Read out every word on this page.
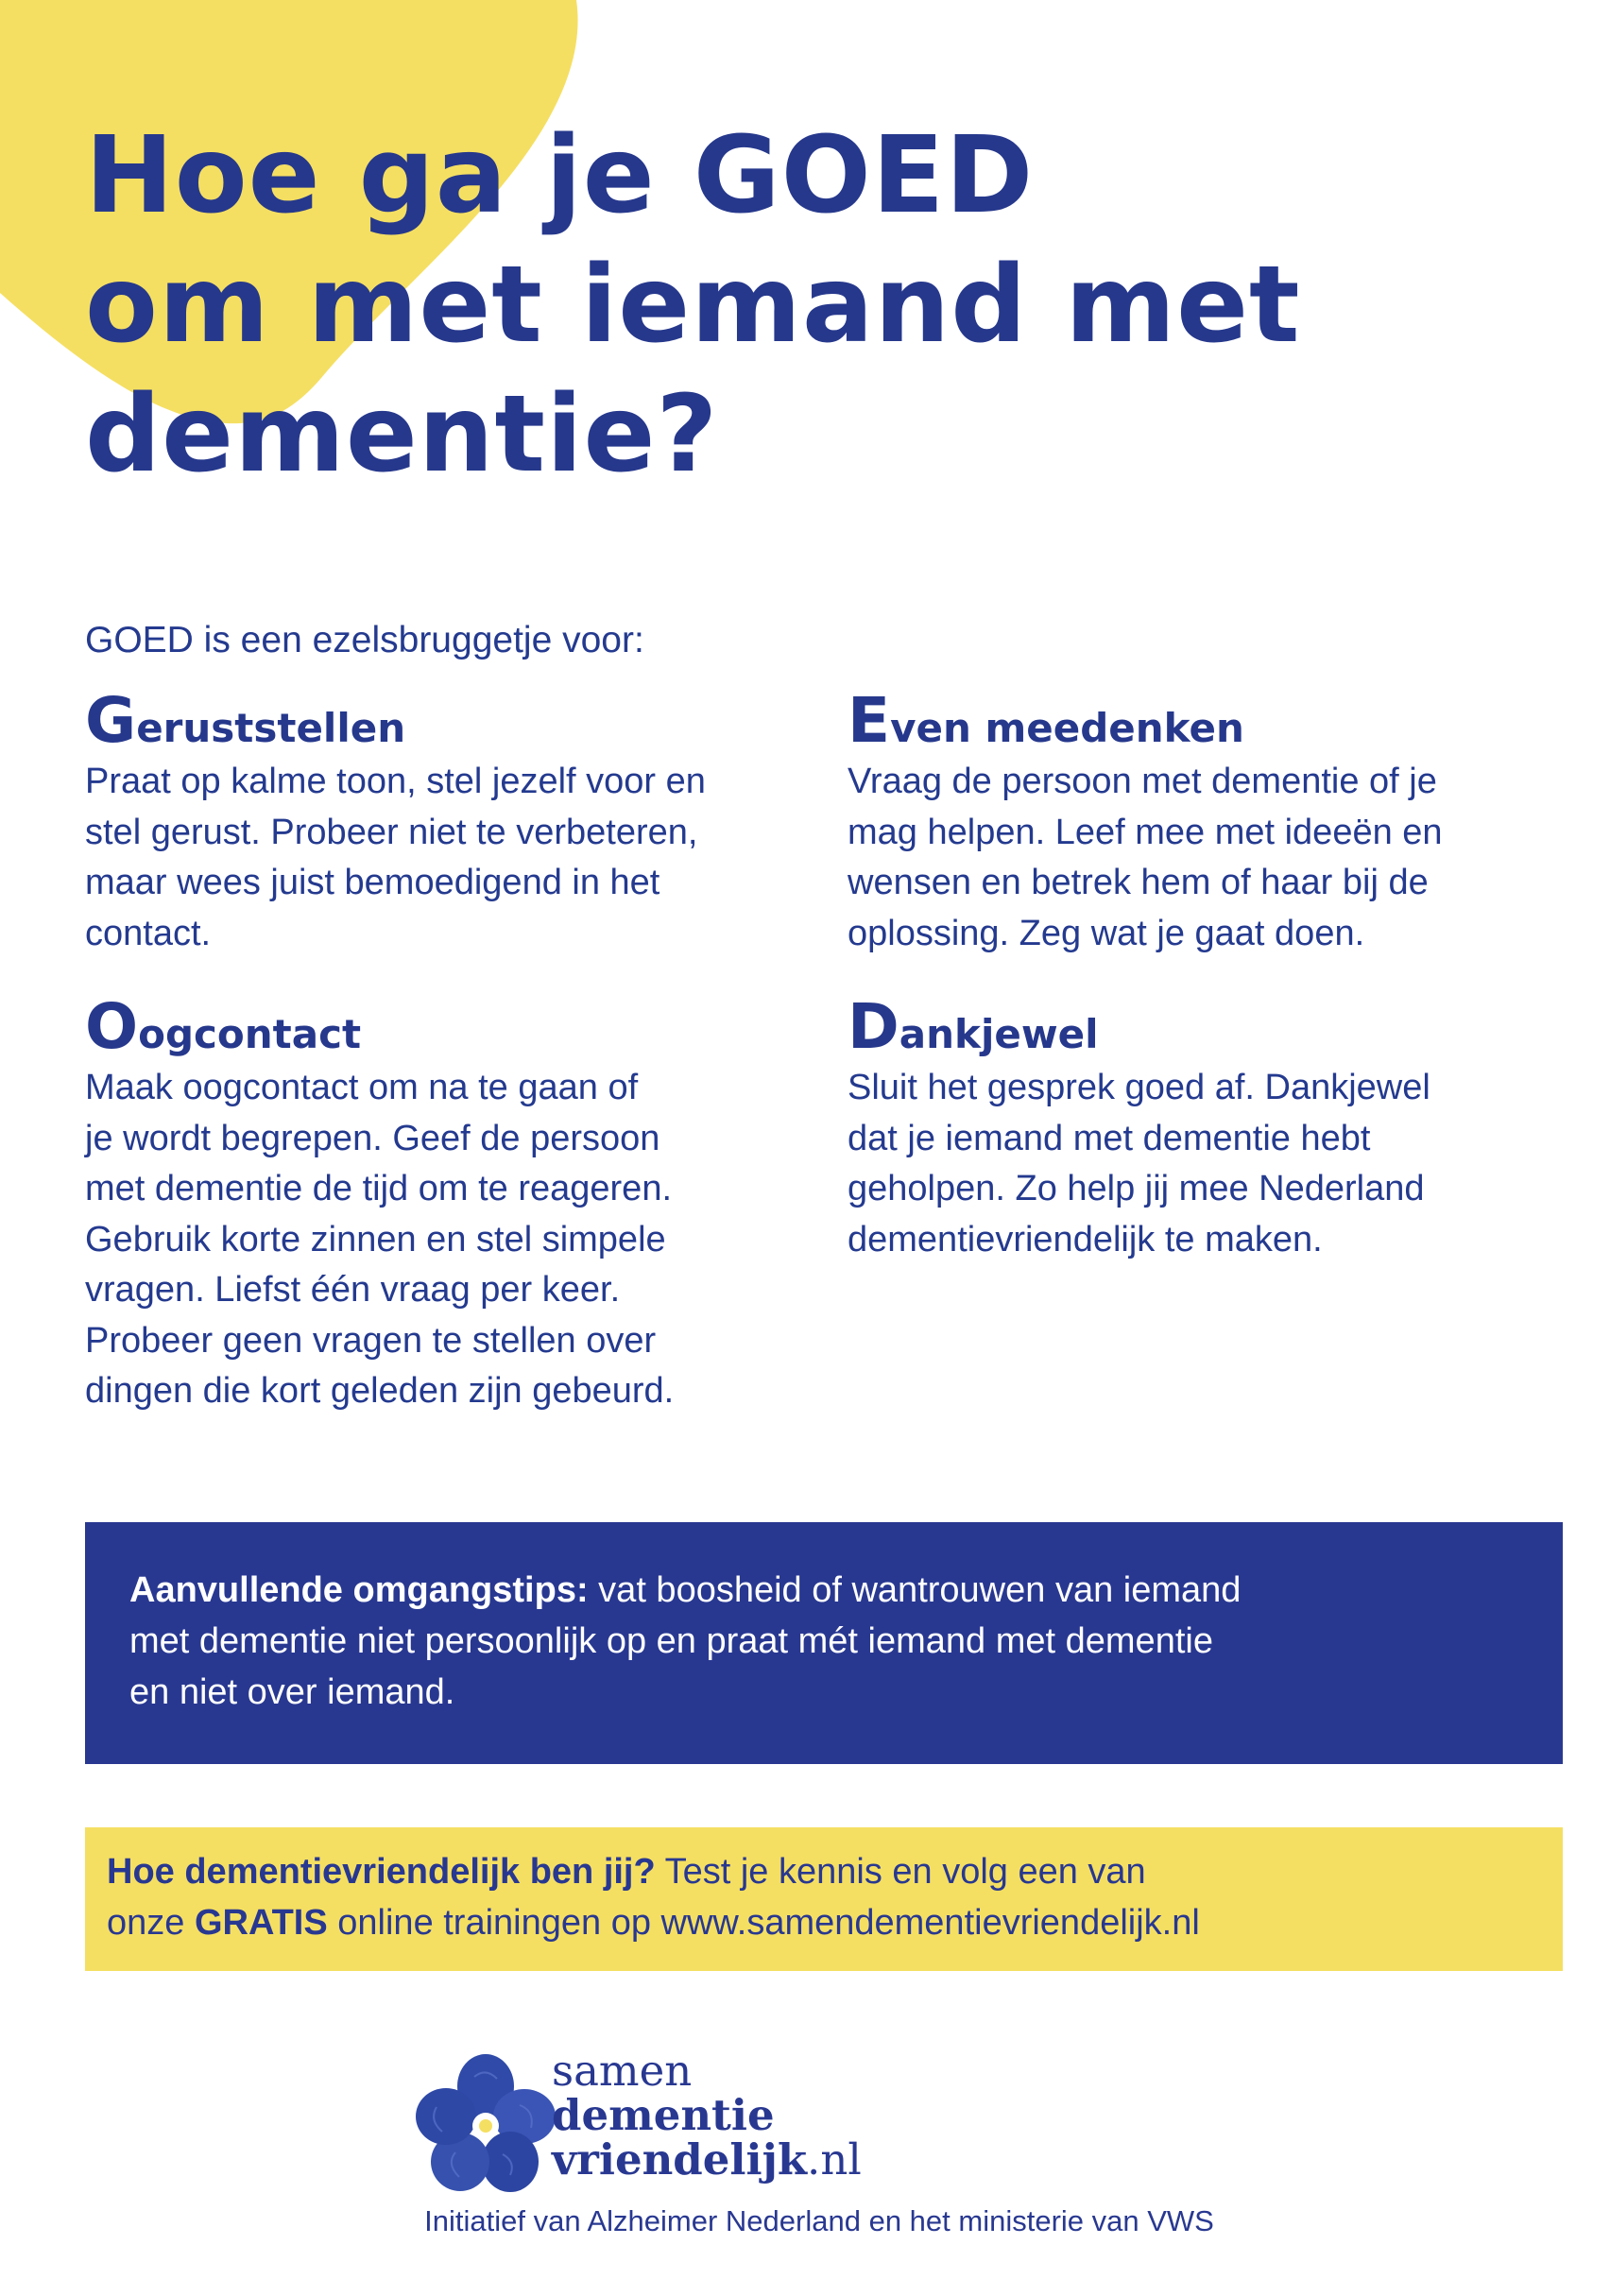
Hoe ga je GOED
om met iemand met
dementie?
GOED is een ezelsbruggetje voor:
Geruststellen
Praat op kalme toon, stel jezelf voor en
stel gerust. Probeer niet te verbeteren,
maar wees juist bemoedigend in het
contact.
Even meedenken
Vraag de persoon met dementie of je
mag helpen. Leef mee met ideeën en
wensen en betrek hem of haar bij de
oplossing. Zeg wat je gaat doen.
Oogcontact
Maak oogcontact om na te gaan of
je wordt begrepen. Geef de persoon
met dementie de tijd om te reageren.
Gebruik korte zinnen en stel simpele
vragen. Liefst één vraag per keer.
Probeer geen vragen te stellen over
dingen die kort geleden zijn gebeurd.
Dankjewel
Sluit het gesprek goed af. Dankjewel
dat je iemand met dementie hebt
geholpen. Zo help jij mee Nederland
dementievriendelijk te maken.
Aanvullende omgangstips: vat boosheid of wantrouwen van iemand
met dementie niet persoonlijk op en praat mét iemand met dementie
en niet over iemand.
Hoe dementievriendelijk ben jij? Test je kennis en volg een van
onze GRATIS online trainingen op www.samendementievriendelijk.nl
samen
dementie
vriendelijk.nl
Initiatief van Alzheimer Nederland en het ministerie van VWS
